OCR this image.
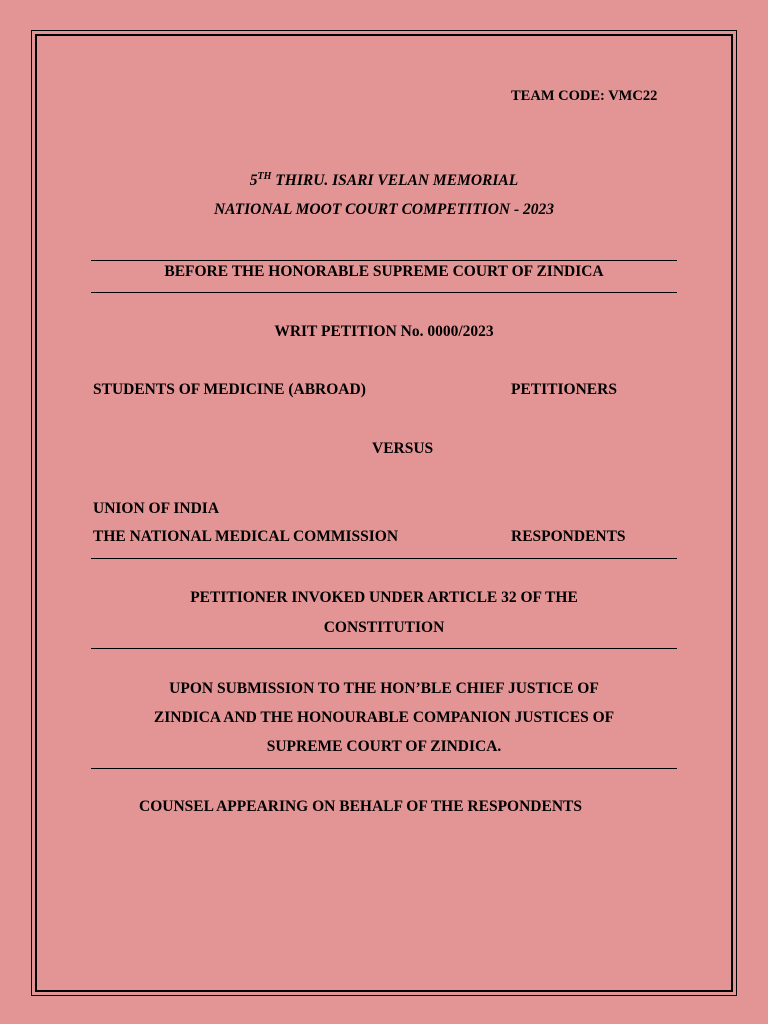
TEAM CODE: VMC22
5TH THIRU. ISARI VELAN MEMORIAL
NATIONAL MOOT COURT COMPETITION - 2023
BEFORE THE HONORABLE SUPREME COURT OF ZINDICA
WRIT PETITION No. 0000/2023
STUDENTS OF MEDICINE (ABROAD)	PETITIONERS
VERSUS
UNION OF INDIA
THE NATIONAL MEDICAL COMMISSION	RESPONDENTS
PETITIONER INVOKED UNDER ARTICLE 32 OF THE
CONSTITUTION
UPON SUBMISSION TO THE HON’BLE CHIEF JUSTICE OF
ZINDICA AND THE HONOURABLE COMPANION JUSTICES OF
SUPREME COURT OF ZINDICA.
COUNSEL APPEARING ON BEHALF OF THE RESPONDENTS
